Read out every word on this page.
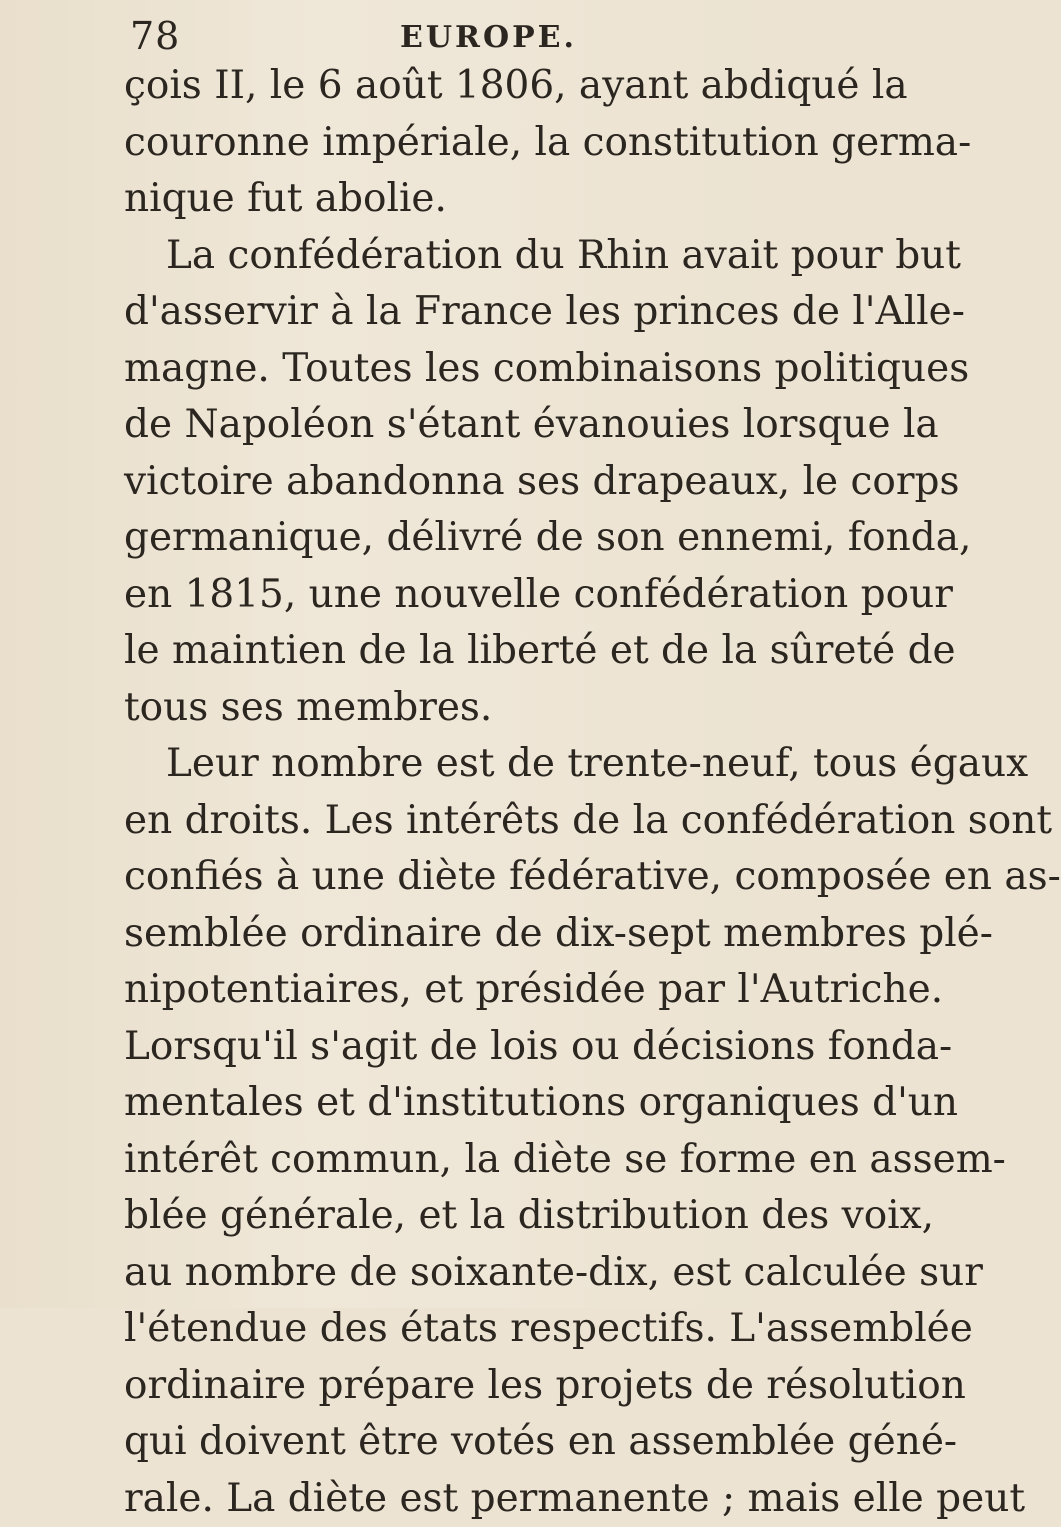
78	EUROPE.
çois II, le 6 août 1806, ayant abdiqué la
couronne impériale, la constitution germa-
nique fut abolie.
La confédération du Rhin avait pour but
d'asservir à la France les princes de l'Alle-
magne. Toutes les combinaisons politiques
de Napoléon s'étant évanouies lorsque la
victoire abandonna ses drapeaux, le corps
germanique, délivré de son ennemi, fonda,
en 1815, une nouvelle confédération pour
le maintien de la liberté et de la sûreté de
tous ses membres.
Leur nombre est de trente-neuf, tous égaux
en droits. Les intérêts de la confédération sont
confiés à une diète fédérative, composée en as-
semblée ordinaire de dix-sept membres plé-
nipotentiaires, et présidée par l'Autriche.
Lorsqu'il s'agit de lois ou décisions fonda-
mentales et d'institutions organiques d'un
intérêt commun, la diète se forme en assem-
blée générale, et la distribution des voix,
au nombre de soixante-dix, est calculée sur
l'étendue des états respectifs. L'assemblée
ordinaire prépare les projets de résolution
qui doivent être votés en assemblée géné-
rale. La diète est permanente ; mais elle peut
